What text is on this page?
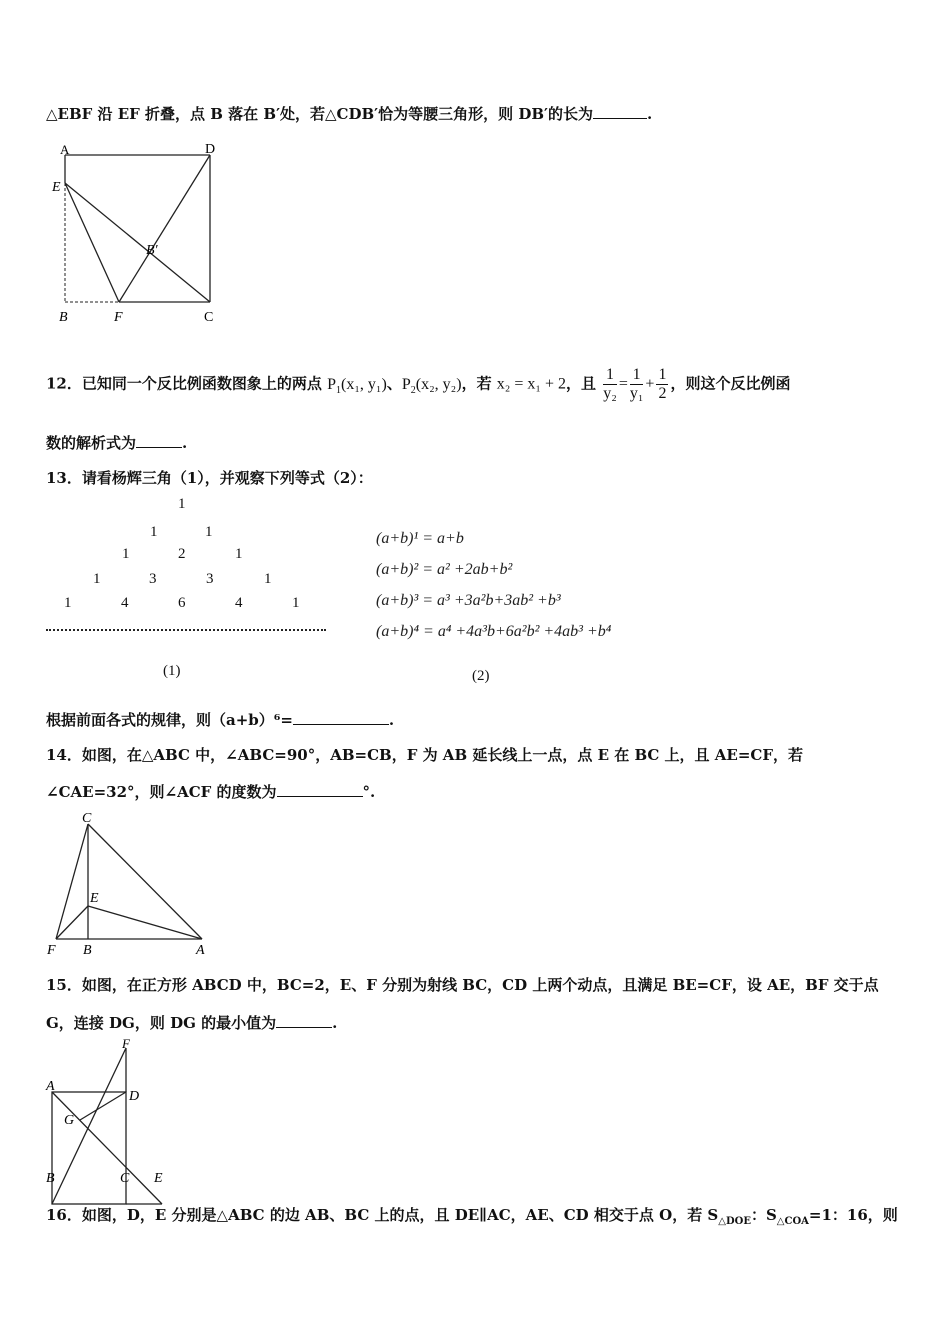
△EBF 沿 EF 折叠，点 B 落在 B′处，若△CDB′恰为等腰三角形，则 DB′的长为	.
A	D
E
B′
B	F	C
12．已知同一个反比例函数图象上的两点 $P_1(x_1$, y₁)、$P_2(x_2$, y₂)，若 x₂ = x₁ + 2，且 $\frac{1}{\text{y₂}} = \frac{1}{\text{y₁}} + \frac{1}{2}$ ，则这个反比例函
数的解析式为	.
13．请看杨辉三角（1），并观察下列等式（2）：
1
1	1
1	2	1
1	3	3	1
1	4	6	4	1
(1)
(a+b)¹ = a+b
(a+b)² = a² +2ab+b²
(a+b)³ = a³ +3a²b+3ab² +b³
(a+b)⁴ = a⁴ +4a³b+6a²b² +4ab³ +b⁴
(2)
根据前面各式的规律，则（a+b）⁶=	.
14．如图，在△ABC 中，∠ABC=90°，AB=CB，F 为 AB 延长线上一点，点 E 在 BC 上，且 AE=CF，若
∠CAE=32°，则∠ACF 的度数为	°.
C
E
F B	A
15．如图，在正方形 ABCD 中，BC=2，E、F 分别为射线 BC，CD 上两个动点，且满足 BE=CF，设 AE，BF 交于点
G，连接 DG，则 DG 的最小值为	.
F
A
D
G
B	C E
16．如图，D，E 分别是△ABC 的边 AB、BC 上的点，且 DE∥AC，AE、CD 相交于点 O，若 $S_{\triangle DOE}$：$S_{\triangle COA}=1$：16，则
